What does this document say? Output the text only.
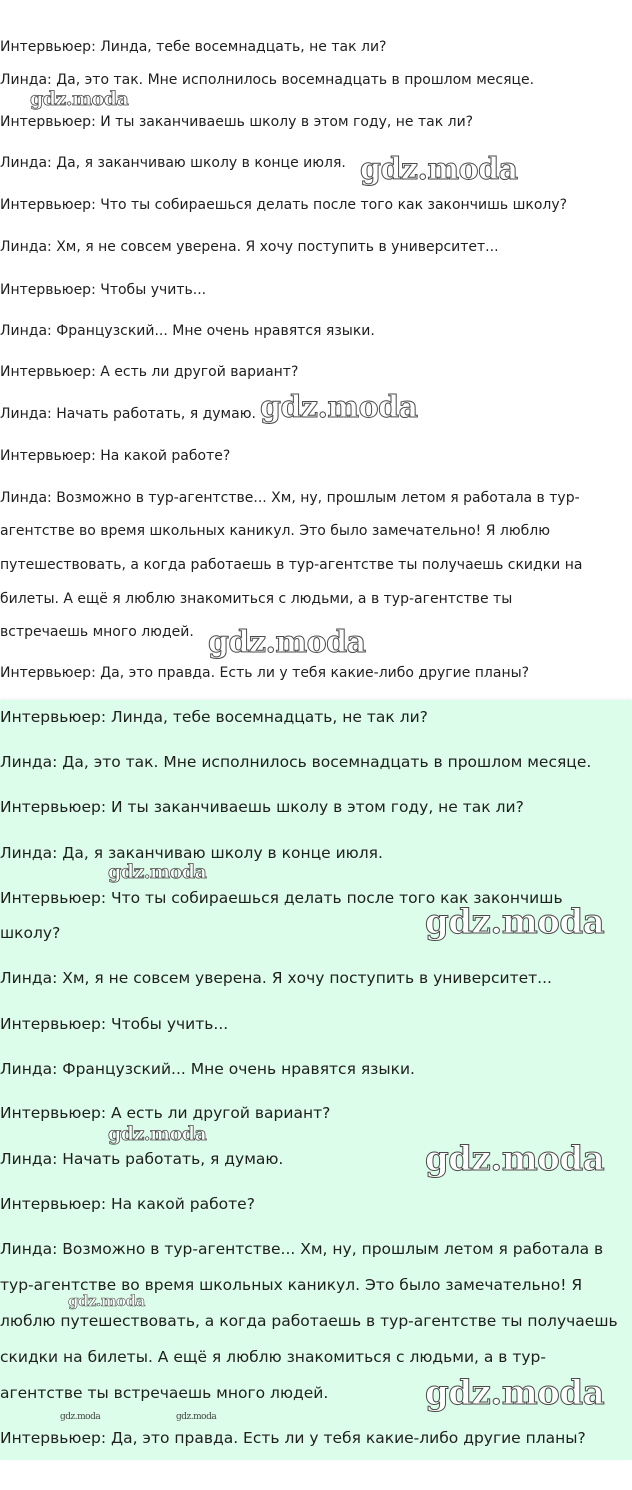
Интервьюер: Линда, тебе восемнадцать, не так ли?
Линда: Да, это так. Мне исполнилось восемнадцать в прошлом месяце.
Интервьюер: И ты заканчиваешь школу в этом году, не так ли?
Линда: Да, я заканчиваю школу в конце июля.
Интервьюер: Что ты собираешься делать после того как закончишь школу?
Линда: Хм, я не совсем уверена. Я хочу поступить в университет...
Интервьюер: Чтобы учить...
Линда: Французский... Мне очень нравятся языки.
Интервьюер: А есть ли другой вариант?
Линда: Начать работать, я думаю.
Интервьюер: На какой работе?
Линда: Возможно в тур-агентстве... Хм, ну, прошлым летом я работала в тур-
агентстве во время школьных каникул. Это было замечательно! Я люблю
путешествовать, а когда работаешь в тур-агентстве ты получаешь скидки на
билеты. А ещё я люблю знакомиться с людьми, а в тур-агентстве ты
встречаешь много людей.
Интервьюер: Да, это правда. Есть ли у тебя какие-либо другие планы?
gdz.moda
gdz.moda
gdz.moda
gdz.moda
Интервьюер: Линда, тебе восемнадцать, не так ли?
Линда: Да, это так. Мне исполнилось восемнадцать в прошлом месяце.
Интервьюер: И ты заканчиваешь школу в этом году, не так ли?
Линда: Да, я заканчиваю школу в конце июля.
Интервьюер: Что ты собираешься делать после того как закончишь
школу?
Линда: Хм, я не совсем уверена. Я хочу поступить в университет...
Интервьюер: Чтобы учить...
Линда: Французский... Мне очень нравятся языки.
Интервьюер: А есть ли другой вариант?
Линда: Начать работать, я думаю.
Интервьюер: На какой работе?
Линда: Возможно в тур-агентстве... Хм, ну, прошлым летом я работала в
тур-агентстве во время школьных каникул. Это было замечательно! Я
люблю путешествовать, а когда работаешь в тур-агентстве ты получаешь
скидки на билеты. А ещё я люблю знакомиться с людьми, а в тур-
агентстве ты встречаешь много людей.
Интервьюер: Да, это правда. Есть ли у тебя какие-либо другие планы?
gdz.moda
gdz.moda
gdz.moda
gdz.moda
gdz.moda
gdz.moda
gdz.moda	gdz.moda
